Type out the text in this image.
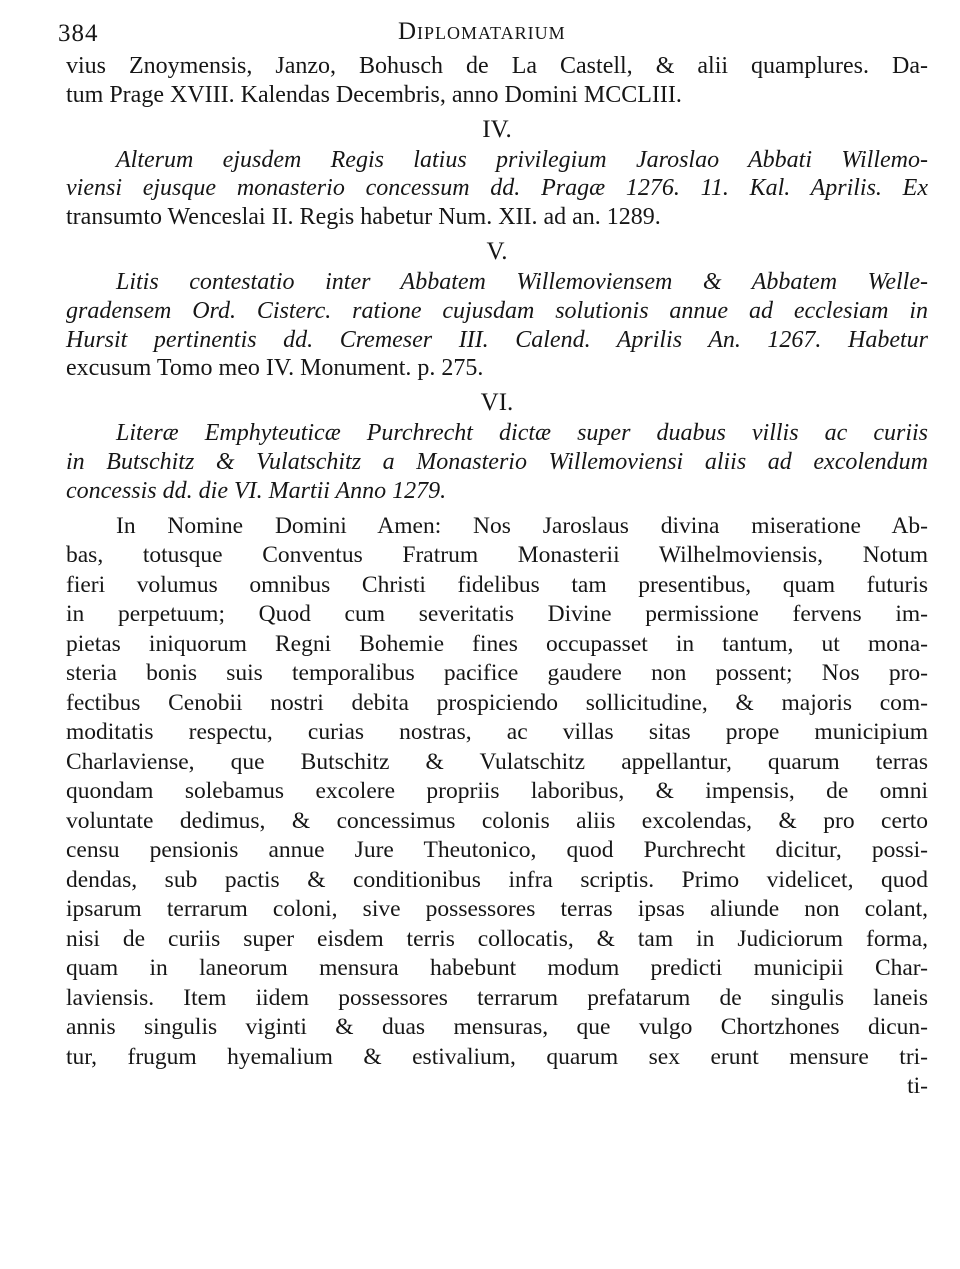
384	Diplomatarium
vius Znoymensis, Janzo, Bohusch de La Castell, & alii quamplures. Da-
tum Prage XVIII. Kalendas Decembris, anno Domini MCCLIII.
IV.
Alterum ejusdem Regis latius privilegium Jaroslao Abbati Willemo-
viensi ejusque monasterio concessum dd. Pragæ 1276. 11. Kal. Aprilis. Ex
transumto Wenceslai II. Regis habetur Num. XII. ad an. 1289.
V.
Litis contestatio inter Abbatem Willemoviensem & Abbatem Welle-
gradensem Ord. Cisterc. ratione cujusdam solutionis annue ad ecclesiam in
Hursit pertinentis dd. Cremeser III. Calend. Aprilis An. 1267. Habetur
excusum Tomo meo IV. Monument. p. 275.
VI.
Literæ Emphyteuticæ Purchrecht dictæ super duabus villis ac curiis
in Butschitz & Vulatschitz a Monasterio Willemoviensi aliis ad excolendum
concessis dd. die VI. Martii Anno 1279.
In Nomine Domini Amen: Nos Jaroslaus divina miseratione Ab-
bas, totusque Conventus Fratrum Monasterii Wilhelmoviensis, Notum
fieri volumus omnibus Christi fidelibus tam presentibus, quam futuris
in perpetuum; Quod cum severitatis Divine permissione fervens im-
pietas iniquorum Regni Bohemie fines occupasset in tantum, ut mona-
steria bonis suis temporalibus pacifice gaudere non possent; Nos pro-
fectibus Cenobii nostri debita prospiciendo sollicitudine, & majoris com-
moditatis respectu, curias nostras, ac villas sitas prope municipium
Charlaviense, que Butschitz & Vulatschitz appellantur, quarum terras
quondam solebamus excolere propriis laboribus, & impensis, de omni
voluntate dedimus, & concessimus colonis aliis excolendas, & pro certo
censu pensionis annue Jure Theutonico, quod Purchrecht dicitur, possi-
dendas, sub pactis & conditionibus infra scriptis. Primo videlicet, quod
ipsarum terrarum coloni, sive possessores terras ipsas aliunde non colant,
nisi de curiis super eisdem terris collocatis, & tam in Judiciorum forma,
quam in laneorum mensura habebunt modum predicti municipii Char-
laviensis. Item iidem possessores terrarum prefatarum de singulis laneis
annis singulis viginti & duas mensuras, que vulgo Chortzhones dicun-
tur, frugum hyemalium & estivalium, quarum sex erunt mensure tri-
ti-
